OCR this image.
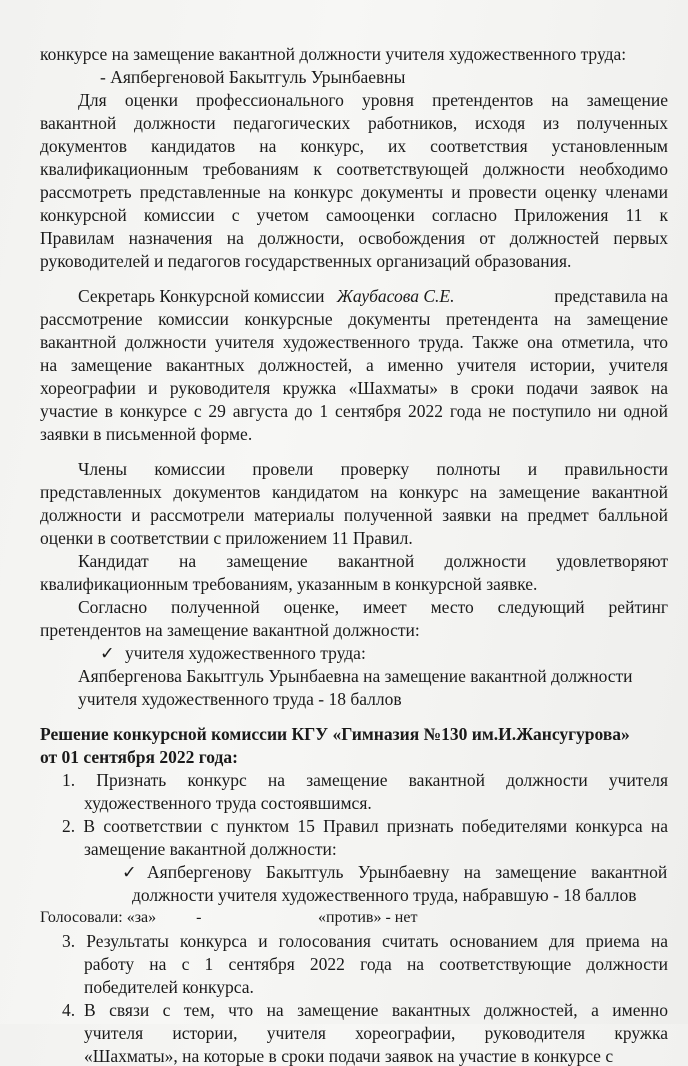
конкурсе на замещение вакантной должности учителя художественного труда:
- Аяпбергеновой Бакытгуль Урынбаевны
Для оценки профессионального уровня претендентов на замещение
вакантной должности педагогических работников, исходя из полученных
документов кандидатов на конкурс, их соответствия установленным
квалификационным требованиям к соответствующей должности необходимо
рассмотреть представленные на конкурс документы и провести оценку членами
конкурсной комиссии с учетом самооценки согласно Приложения 11 к
Правилам назначения на должности, освобождения от должностей первых
руководителей и педагогов государственных организаций образования.
Секретарь Конкурсной комиссии Жаубасова С.Е.	представила на
рассмотрение комиссии конкурсные документы претендента на замещение
вакантной должности учителя художественного труда. Также она отметила, что
на замещение вакантных должностей, а именно учителя истории, учителя
хореографии и руководителя кружка «Шахматы» в сроки подачи заявок на
участие в конкурсе с 29 августа до 1 сентября 2022 года не поступило ни одной
заявки в письменной форме.
Члены комиссии провели проверку полноты и правильности
представленных документов кандидатом на конкурс на замещение вакантной
должности и рассмотрели материалы полученной заявки на предмет балльной
оценки в соответствии с приложением 11 Правил.
Кандидат на замещение вакантной должности удовлетворяют
квалификационным требованиям, указанным в конкурсной заявке.
Согласно полученной оценке, имеет место следующий рейтинг
претендентов на замещение вакантной должности:
✓ учителя художественного труда:
Аяпбергенова Бакытгуль Урынбаевна на замещение вакантной должности
учителя художественного труда - 18 баллов
Решение конкурсной комиссии КГУ «Гимназия №130 им.И.Жансугурова»
от 01 сентября 2022 года:
1. Признать конкурс на замещение вакантной должности учителя
художественного труда состоявшимся.
2. В соответствии с пунктом 15 Правил признать победителями конкурса на
замещение вакантной должности:
✓ Аяпбергенову Бакытгуль Урынбаевну на замещение вакантной
должности учителя художественного труда, набравшую - 18 баллов
Голосовали: «за»          -	«против» - нет
3. Результаты конкурса и голосования считать основанием для приема на
работу на с 1 сентября 2022 года на соответствующие должности
победителей конкурса.
4. В связи с тем, что на замещение вакантных должностей, а именно
учителя истории, учителя хореографии, руководителя кружка
«Шахматы», на которые в сроки подачи заявок на участие в конкурсе с
